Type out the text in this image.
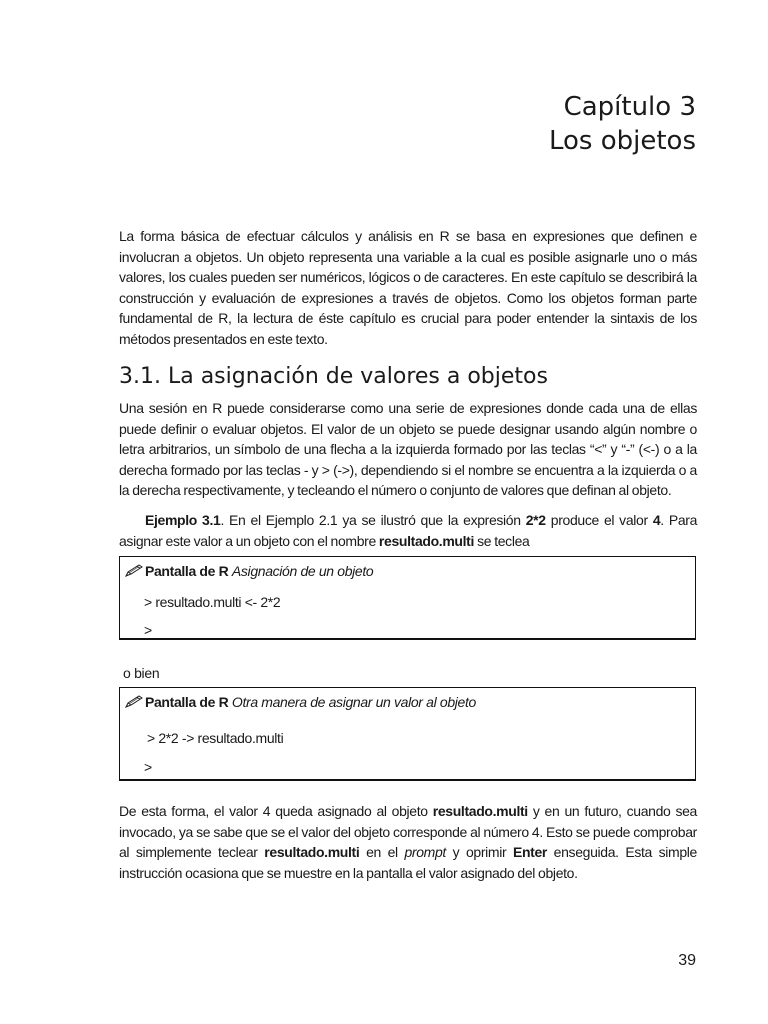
Capítulo 3
Los objetos
La forma básica de efectuar cálculos y análisis en R se basa en expresiones que definen e involucran a objetos. Un objeto representa una variable a la cual es posible asignarle uno o más valores, los cuales pueden ser numéricos, lógicos o de caracteres. En este capítulo se describirá la construcción y evaluación de expresiones a través de objetos. Como los objetos forman parte fundamental de R, la lectura de éste capítulo es crucial para poder entender la sintaxis de los métodos presentados en este texto.
3.1. La asignación de valores a objetos
Una sesión en R puede considerarse como una serie de expresiones donde cada una de ellas puede definir o evaluar objetos. El valor de un objeto se puede designar usando algún nombre o letra arbitrarios, un símbolo de una flecha a la izquierda formado por las teclas “<” y “-” (<-) o a la derecha formado por las teclas - y > (->), dependiendo si el nombre se encuentra a la izquierda o a la derecha respectivamente, y tecleando el número o conjunto de valores que definan al objeto.
Ejemplo 3.1. En el Ejemplo 2.1 ya se ilustró que la expresión 2*2 produce el valor 4. Para asignar este valor a un objeto con el nombre resultado.multi se teclea
Pantalla de R Asignación de un objeto
> resultado.multi <- 2*2
>
o bien
Pantalla de R Otra manera de asignar un valor al objeto
> 2*2 -> resultado.multi
>
De esta forma, el valor 4 queda asignado al objeto resultado.multi y en un futuro, cuando sea invocado, ya se sabe que se el valor del objeto corresponde al número 4. Esto se puede comprobar al simplemente teclear resultado.multi en el prompt y oprimir Enter enseguida. Esta simple instrucción ocasiona que se muestre en la pantalla el valor asignado del objeto.
39
